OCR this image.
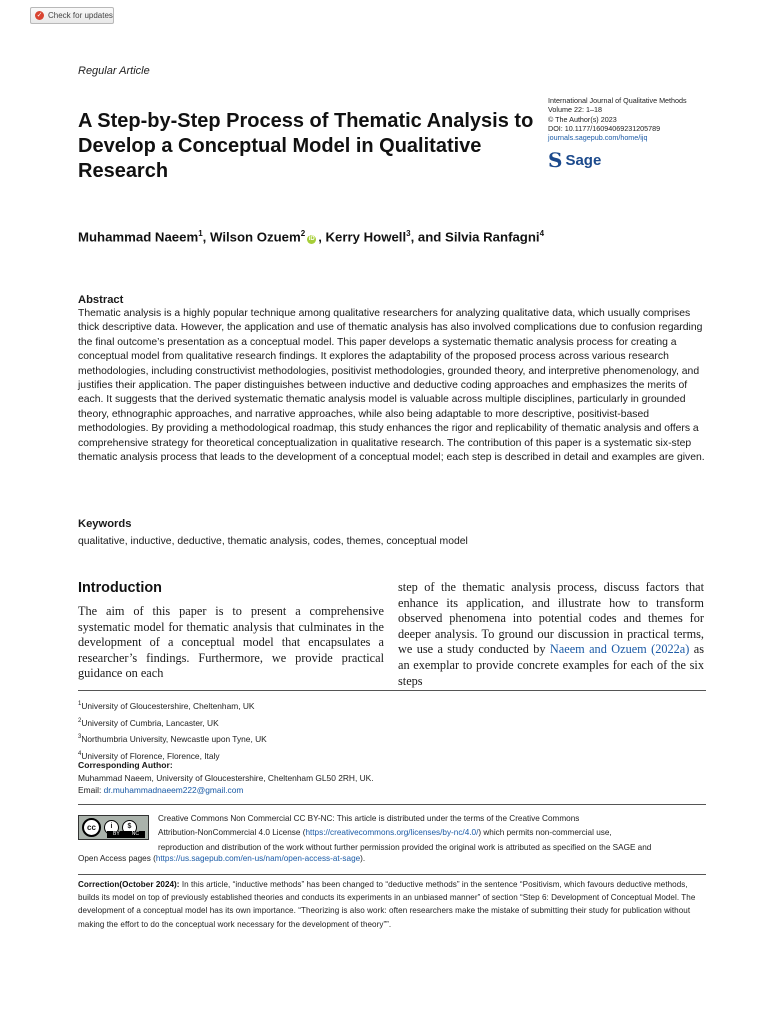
✓ Check for updates
Regular Article
A Step-by-Step Process of Thematic Analysis to Develop a Conceptual Model in Qualitative Research
International Journal of Qualitative Methods
Volume 22: 1–18
© The Author(s) 2023
DOI: 10.1177/16094069231205789
journals.sagepub.com/home/ijq
S Sage
Muhammad Naeem$^1$, Wilson Ozuem$^2$iD , Kerry Howell$^3$, and Silvia Ranfagni$^4$
Abstract
Thematic analysis is a highly popular technique among qualitative researchers for analyzing qualitative data, which usually comprises thick descriptive data. However, the application and use of thematic analysis has also involved complications due to confusion regarding the final outcome’s presentation as a conceptual model. This paper develops a systematic thematic analysis process for creating a conceptual model from qualitative research findings. It explores the adaptability of the proposed process across various research methodologies, including constructivist methodologies, positivist methodologies, grounded theory, and interpretive phenomenology, and justifies their application. The paper distinguishes between inductive and deductive coding approaches and emphasizes the merits of each. It suggests that the derived systematic thematic analysis model is valuable across multiple disciplines, particularly in grounded theory, ethnographic approaches, and narrative approaches, while also being adaptable to more descriptive, positivist-based methodologies. By providing a methodological roadmap, this study enhances the rigor and replicability of thematic analysis and offers a comprehensive strategy for theoretical conceptualization in qualitative research. The contribution of this paper is a systematic six-step thematic analysis process that leads to the development of a conceptual model; each step is described in detail and examples are given.
Keywords
qualitative, inductive, deductive, thematic analysis, codes, themes, conceptual model
Introduction
The aim of this paper is to present a comprehensive systematic model for thematic analysis that culminates in the development of a conceptual model that encapsulates a researcher’s findings. Furthermore, we provide practical guidance on each
step of the thematic analysis process, discuss factors that enhance its application, and illustrate how to transform observed phenomena into potential codes and themes for deeper analysis. To ground our discussion in practical terms, we use a study conducted by Naeem and Ozuem (2022a) as an exemplar to provide concrete examples for each of the six steps
$^1$University of Gloucestershire, Cheltenham, UK
$^2$University of Cumbria, Lancaster, UK
$^3$Northumbria University, Newcastle upon Tyne, UK
$^4$University of Florence, Florence, Italy
Corresponding Author:
Muhammad Naeem, University of Gloucestershire, Cheltenham GL50 2RH, UK.
Email: dr.muhammadnaeem222@gmail.com
cc	i	$
BY NC
Creative Commons Non Commercial CC BY-NC: This article is distributed under the terms of the Creative Commons
Attribution-NonCommercial 4.0 License (https://creativecommons.org/licenses/by-nc/4.0/) which permits non-commercial use,
reproduction and distribution of the work without further permission provided the original work is attributed as specified on the SAGE and
Open Access pages (https://us.sagepub.com/en-us/nam/open-access-at-sage).
Correction(October 2024): In this article, “inductive methods” has been changed to “deductive methods” in the sentence “Positivism, which favours deductive methods, builds its model on top of previously established theories and conducts its experiments in an unbiased manner” of section “Step 6: Development of Conceptual Model. The development of a conceptual model has its own importance. “Theorizing is also work: often researchers make the mistake of submitting their study for publication without making the effort to do the conceptual work necessary for the development of theory””.
